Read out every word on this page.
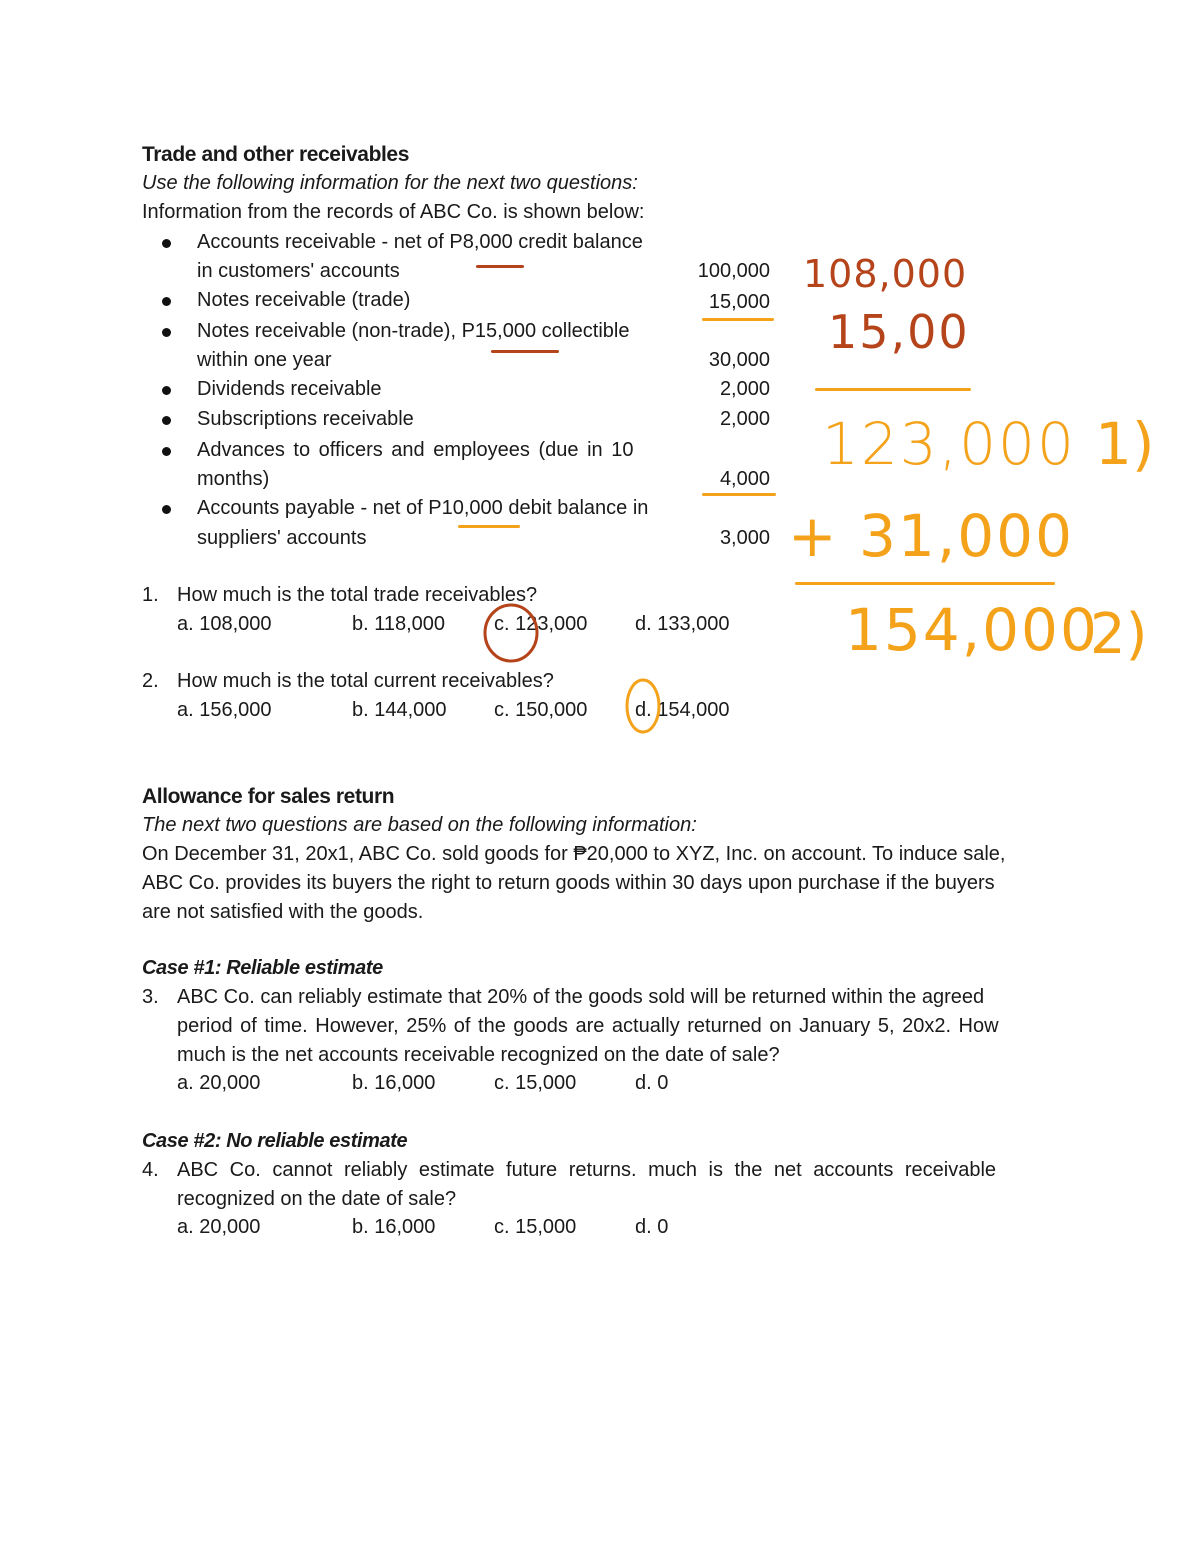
Trade and other receivables
Use the following information for the next two questions:
Information from the records of ABC Co. is shown below:
Accounts receivable - net of P8,000 credit balance
in customers' accounts	100,000
Notes receivable (trade)	15,000
Notes receivable (non-trade), P15,000 collectible
within one year	30,000
Dividends receivable	2,000
Subscriptions receivable	2,000
Advances to officers and employees (due in 10
months)	4,000
Accounts payable - net of P10,000 debit balance in
suppliers' accounts	3,000
1. How much is the total trade receivables?
a. 108,000	b. 118,000 c. 123,000 d. 133,000
2. How much is the total current receivables?
a. 156,000	b. 144,000 c. 150,000 d. 154,000
Allowance for sales return
The next two questions are based on the following information:
On December 31, 20x1, ABC Co. sold goods for ₱20,000 to XYZ, Inc. on account. To induce sale,
ABC Co. provides its buyers the right to return goods within 30 days upon purchase if the buyers
are not satisfied with the goods.
Case #1: Reliable estimate
3. ABC Co. can reliably estimate that 20% of the goods sold will be returned within the agreed
period of time. However, 25% of the goods are actually returned on January 5, 20x2. How
much is the net accounts receivable recognized on the date of sale?
a. 20,000	b. 16,000	c. 15,000	d. 0
Case #2: No reliable estimate
4. ABC Co. cannot reliably estimate future returns. much is the net accounts receivable
recognized on the date of sale?
a. 20,000	b. 16,000	c. 15,000	d. 0
108,000
15,00
123,000 1)
+ 31,000
154,000
2)
